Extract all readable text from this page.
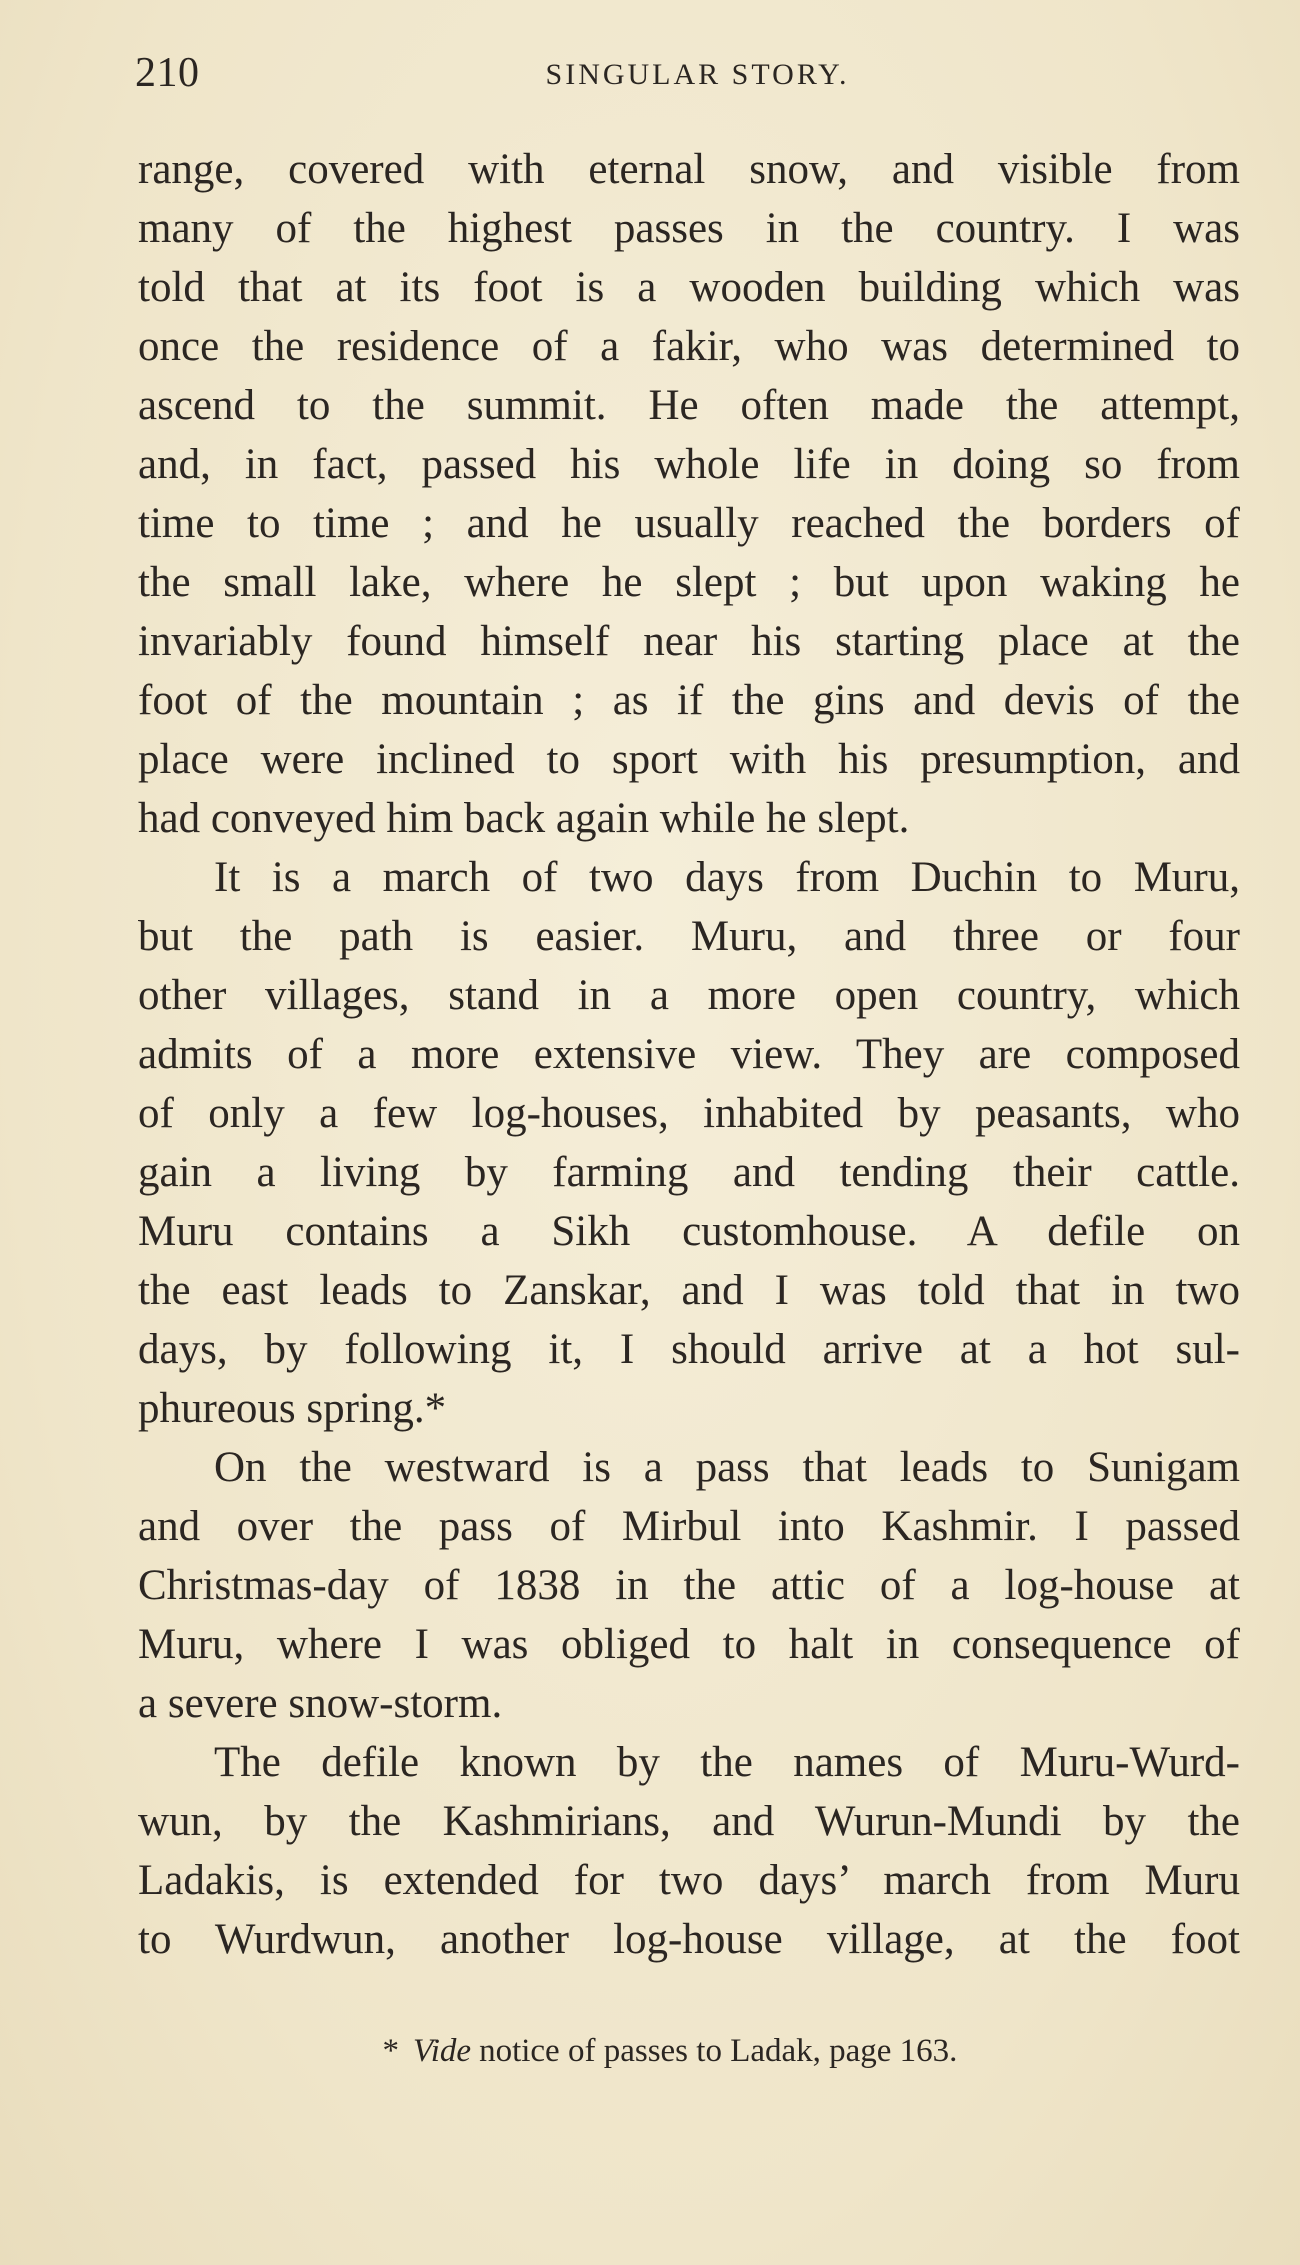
210	SINGULAR STORY.
range, covered with eternal snow, and visible from
many of the highest passes in the country. I was
told that at its foot is a wooden building which was
once the residence of a fakir, who was determined to
ascend to the summit. He often made the attempt,
and, in fact, passed his whole life in doing so from
time to time ; and he usually reached the borders of
the small lake, where he slept ; but upon waking he
invariably found himself near his starting place at the
foot of the mountain ; as if the gins and devis of the
place were inclined to sport with his presumption, and
had conveyed him back again while he slept.
It is a march of two days from Duchin to Muru,
but the path is easier. Muru, and three or four
other villages, stand in a more open country, which
admits of a more extensive view. They are composed
of only a few log-houses, inhabited by peasants, who
gain a living by farming and tending their cattle.
Muru contains a Sikh customhouse. A defile on
the east leads to Zanskar, and I was told that in two
days, by following it, I should arrive at a hot sul-
phureous spring.*
On the westward is a pass that leads to Sunigam
and over the pass of Mirbul into Kashmir. I passed
Christmas-day of 1838 in the attic of a log-house at
Muru, where I was obliged to halt in consequence of
a severe snow-storm.
The defile known by the names of Muru-Wurd-
wun, by the Kashmirians, and Wurun-Mundi by the
Ladakis, is extended for two days’ march from Muru
to Wurdwun, another log-house village, at the foot
* Vide notice of passes to Ladak, page 163.
